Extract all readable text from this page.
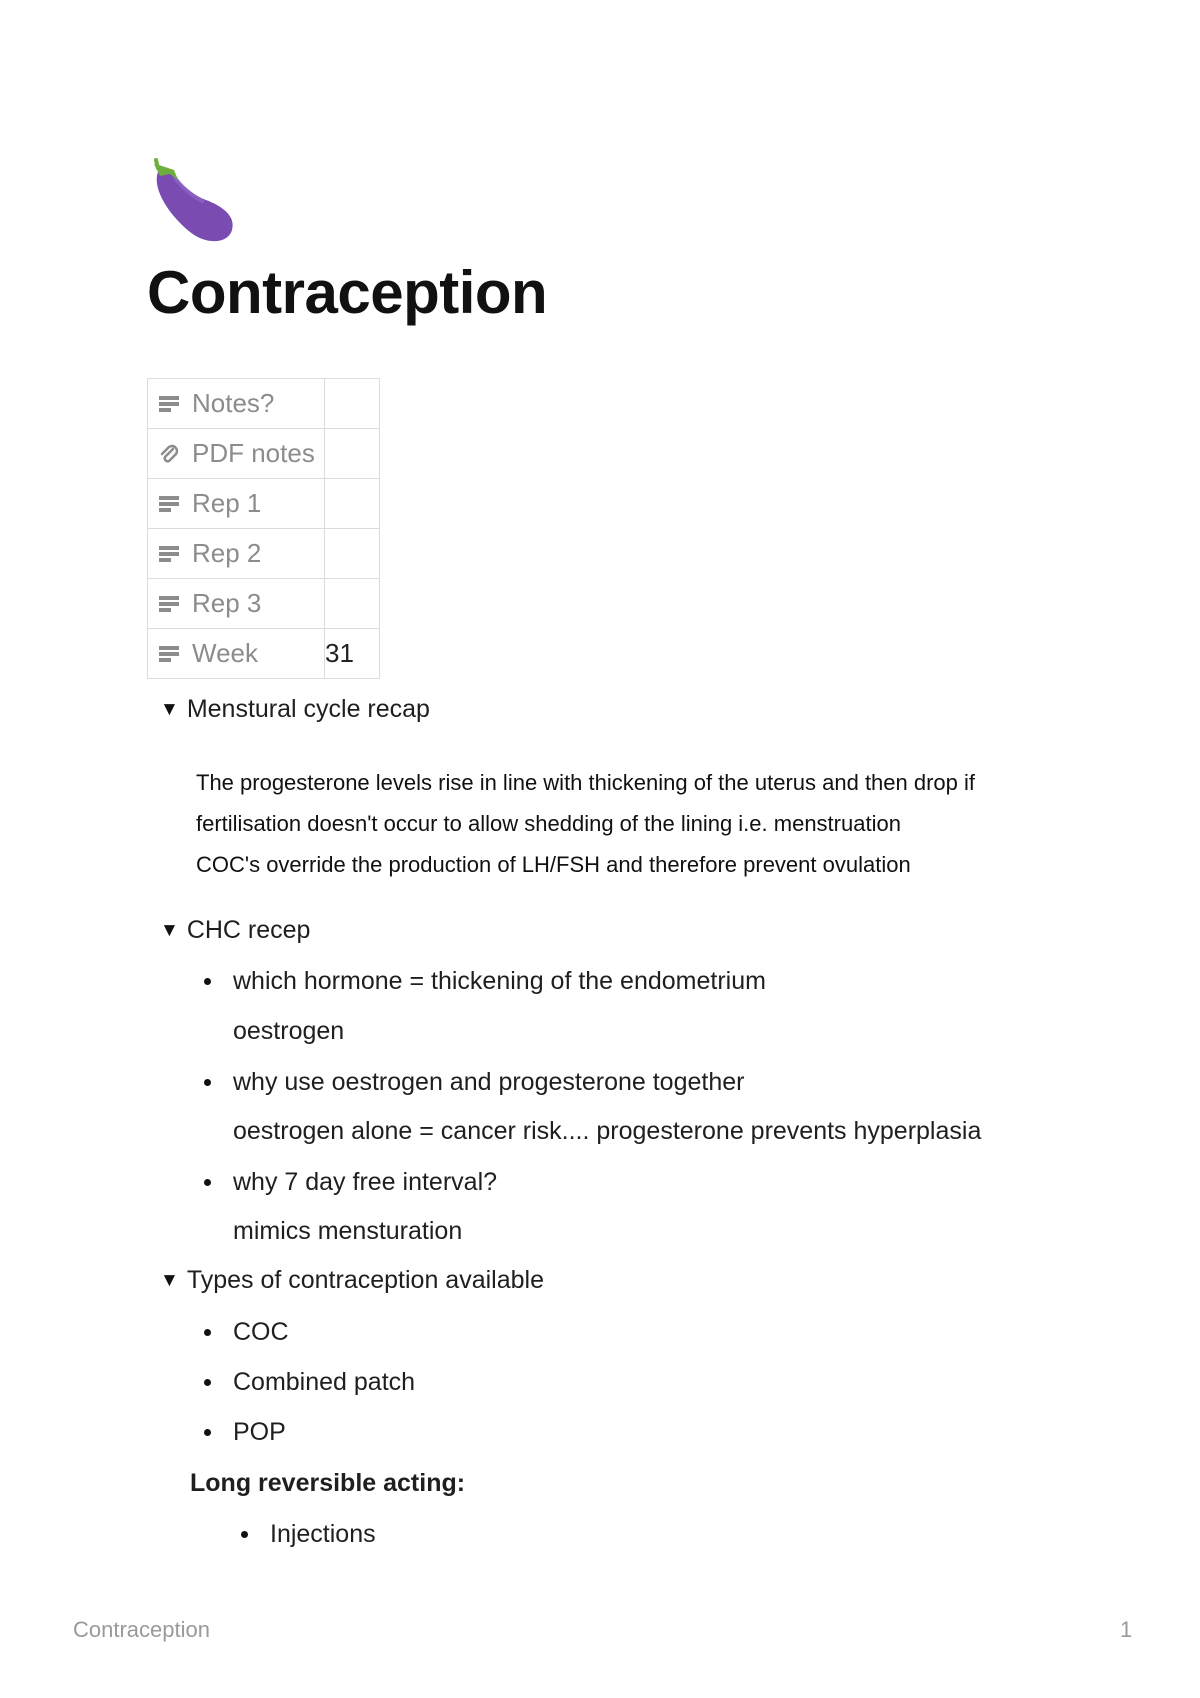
Contraception
Notes?	

PDF notes	

Rep 1	

Rep 2	

Rep 3	

Week	31
▼ Menstural cycle recap

The progesterone levels rise in line with thickening of the uterus and then drop if

fertilisation doesn't occur to allow shedding of the lining i.e. menstruation

COC's override the production of LH/FSH and therefore prevent ovulation

▼ CHC recep
which hormone = thickening of the endometrium
oestrogen
why use oestrogen and progesterone together
oestrogen alone = cancer risk.... progesterone prevents hyperplasia
why 7 day free interval?
mimics mensturation
▼ Types of contraception available
COC
Combined patch
POP
Long reversible acting:
Injections
Contraception	1
